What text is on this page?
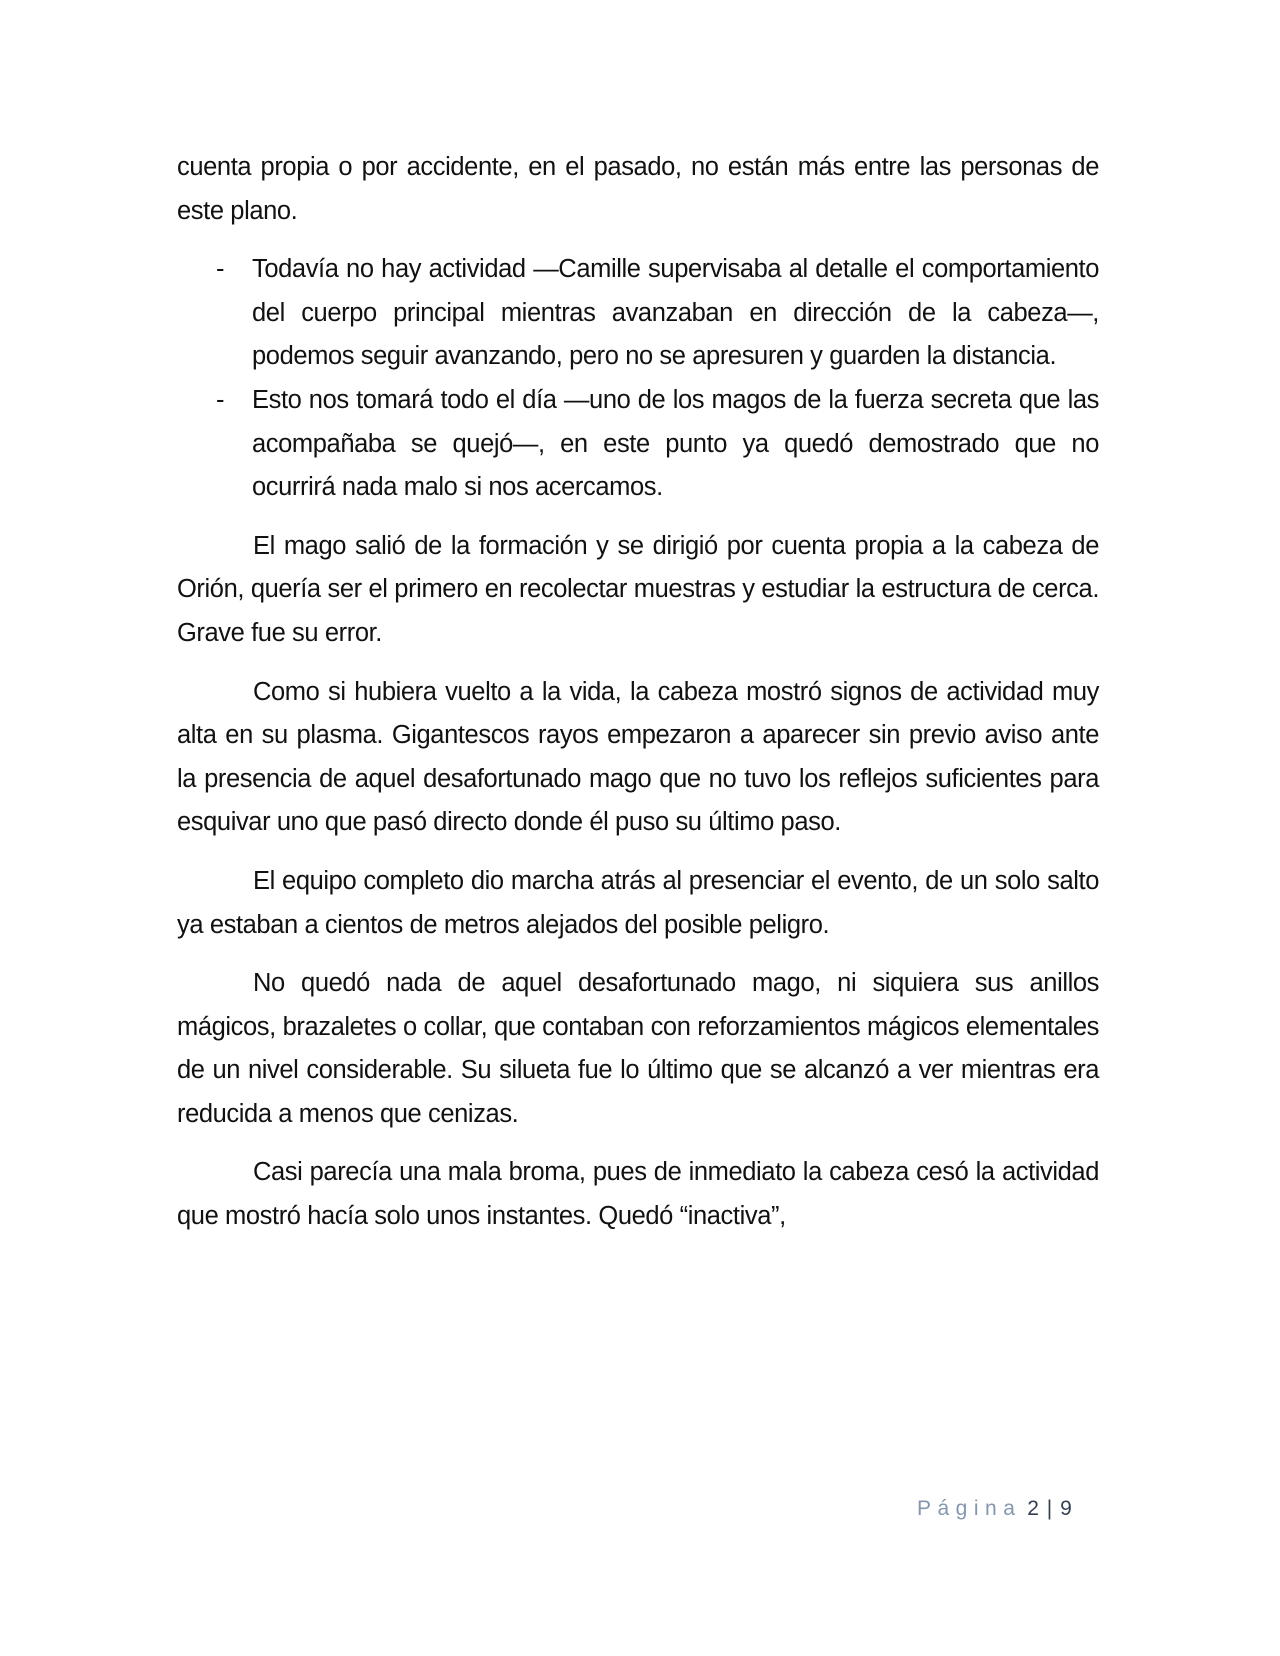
cuenta propia o por accidente, en el pasado, no están más entre las personas de este plano.

- Todavía no hay actividad —Camille supervisaba al detalle el comportamiento del cuerpo principal mientras avanzaban en dirección de la cabeza—, podemos seguir avanzando, pero no se apresuren y guarden la distancia.
- Esto nos tomará todo el día —uno de los magos de la fuerza secreta que las acompañaba se quejó—, en este punto ya quedó demostrado que no ocurrirá nada malo si nos acercamos.

El mago salió de la formación y se dirigió por cuenta propia a la cabeza de Orión, quería ser el primero en recolectar muestras y estudiar la estructura de cerca. Grave fue su error.

Como si hubiera vuelto a la vida, la cabeza mostró signos de actividad muy alta en su plasma. Gigantescos rayos empezaron a aparecer sin previo aviso ante la presencia de aquel desafortunado mago que no tuvo los reflejos suficientes para esquivar uno que pasó directo donde él puso su último paso.

El equipo completo dio marcha atrás al presenciar el evento, de un solo salto ya estaban a cientos de metros alejados del posible peligro.

No quedó nada de aquel desafortunado mago, ni siquiera sus anillos mágicos, brazaletes o collar, que contaban con reforzamientos mágicos elementales de un nivel considerable. Su silueta fue lo último que se alcanzó a ver mientras era reducida a menos que cenizas.

Casi parecía una mala broma, pues de inmediato la cabeza cesó la actividad que mostró hacía solo unos instantes. Quedó “inactiva”,

Página 2 | 9
